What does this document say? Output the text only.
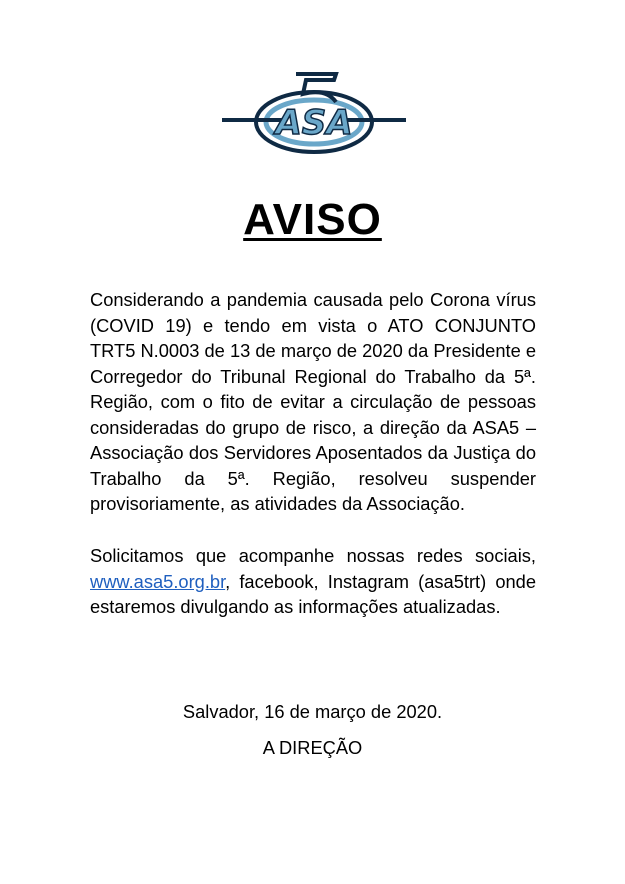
ASA
AVISO

Considerando a pandemia causada pelo Corona vírus (COVID 19) e tendo em vista o ATO CONJUNTO TRT5 N.0003 de 13 de março de 2020 da Presidente e Corregedor do Tribunal Regional do Trabalho da 5ª. Região, com o fito de evitar a circulação de pessoas consideradas do grupo de risco, a direção da ASA5 – Associação dos Servidores Aposentados da Justiça do Trabalho da 5ª. Região, resolveu suspender provisoriamente, as atividades da Associação.

Solicitamos que acompanhe nossas redes sociais, www.asa5.org.br, facebook, Instagram (asa5trt) onde estaremos divulgando as informações atualizadas.

Salvador, 16 de março de 2020.
A DIREÇÃO
